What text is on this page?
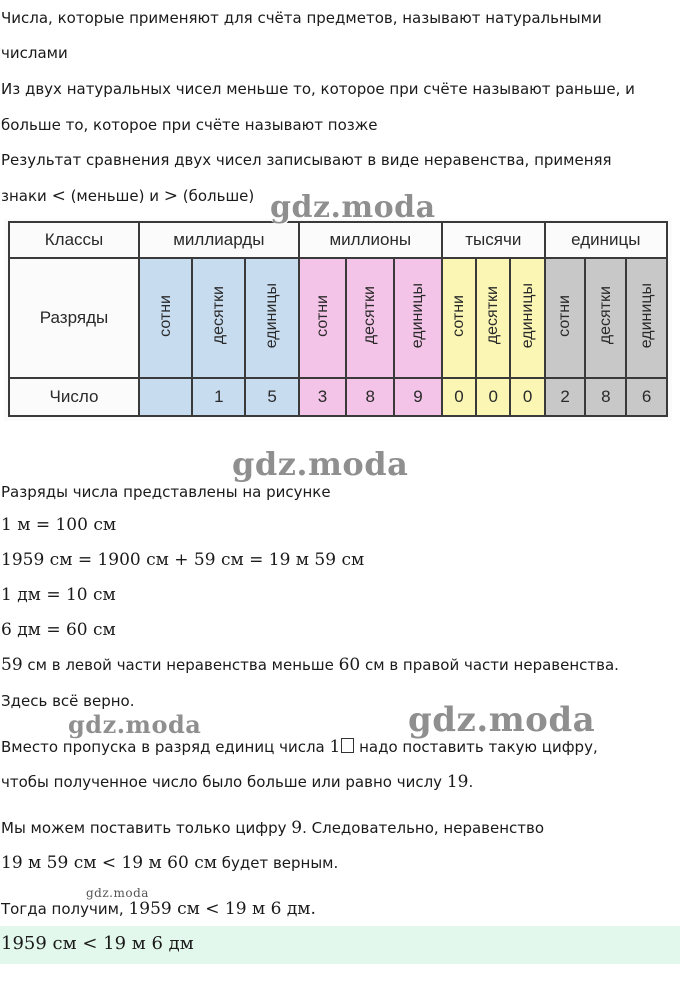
Числа, которые применяют для счёта предметов, называют натуральными
числами
Из двух натуральных чисел меньше то, которое при счёте называют раньше, и
больше то, которое при счёте называют позже
Результат сравнения двух чисел записывают в виде неравенства, применяя
знаки < (меньше) и > (больше)
Классы	миллиарды			миллионы			тысячи			единицы		
Разряды	сотни	десятки	единицы	сотни	десятки	единицы	сотни	десятки	единицы	сотни	десятки	единицы
Число		1	5	3	8	9	0	0	0	2	8	6
gdz.moda
gdz.moda
gdz.moda	gdz.moda
gdz.moda
Разряды числа представлены на рисунке
1 м = 100 см
1959 см = 1900 см + 59 см = 19 м 59 см
1 дм = 10 см
6 дм = 60 см
59 см в левой части неравенства меньше 60 см в правой части неравенства.
Здесь всё верно.
Вместо пропуска в разряд единиц числа 1 надо поставить такую цифру,
чтобы полученное число было больше или равно числу 19.
Мы можем поставить только цифру 9. Следовательно, неравенство
19 м 59 см < 19 м 60 см будет верным.
Тогда получим, 1959 см < 19 м 6 дм.
1959 см < 19 м 6 дм
